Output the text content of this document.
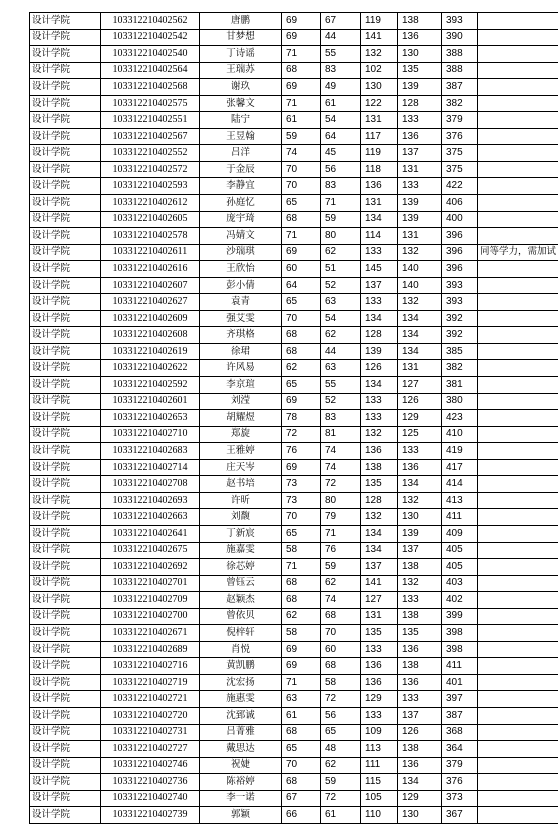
设计学院	103312210402562	唐鹏	69	67	119	138	393	
设计学院	103312210402542	甘梦想	69	44	141	136	390	
设计学院	103312210402540	丁诗谣	71	55	132	130	388	
设计学院	103312210402564	王瑞苏	68	83	102	135	388	
设计学院	103312210402568	谢玖	69	49	130	139	387	
设计学院	103312210402575	张馨文	71	61	122	128	382	
设计学院	103312210402551	陆宁	61	54	131	133	379	
设计学院	103312210402567	王昱翰	59	64	117	136	376	
设计学院	103312210402552	吕洋	74	45	119	137	375	
设计学院	103312210402572	于金辰	70	56	118	131	375	
设计学院	103312210402593	李静宜	70	83	136	133	422	
设计学院	103312210402612	孙庭忆	65	71	131	139	406	
设计学院	103312210402605	庞宇琦	68	59	134	139	400	
设计学院	103312210402578	冯婧文	71	80	114	131	396	
设计学院	103312210402611	沙瑞琪	69	62	133	132	396	同等学力，需加试
设计学院	103312210402616	王欣怡	60	51	145	140	396	
设计学院	103312210402607	彭小倩	64	52	137	140	393	
设计学院	103312210402627	袁青	65	63	133	132	393	
设计学院	103312210402609	强艾雯	70	54	134	134	392	
设计学院	103312210402608	齐琪格	68	62	128	134	392	
设计学院	103312210402619	徐珺	68	44	139	134	385	
设计学院	103312210402622	许风易	62	63	126	131	382	
设计学院	103312210402592	李京瑄	65	55	134	127	381	
设计学院	103312210402601	刘滢	69	52	133	126	380	
设计学院	103312210402653	胡耀煜	78	83	133	129	423	
设计学院	103312210402710	郑旋	72	81	132	125	410	
设计学院	103312210402683	王雅婷	76	74	136	133	419	
设计学院	103312210402714	庄天岑	69	74	138	136	417	
设计学院	103312210402708	赵书培	73	72	135	134	414	
设计学院	103312210402693	许昕	73	80	128	132	413	
设计学院	103312210402663	刘馥	70	79	132	130	411	
设计学院	103312210402641	丁新宸	65	71	134	139	409	
设计学院	103312210402675	施嘉雯	58	76	134	137	405	
设计学院	103312210402692	徐芯婷	71	59	137	138	405	
设计学院	103312210402701	曾钰云	68	62	141	132	403	
设计学院	103312210402709	赵颖杰	68	74	127	133	402	
设计学院	103312210402700	曾依贝	62	68	131	138	399	
设计学院	103312210402671	倪梓轩	58	70	135	135	398	
设计学院	103312210402689	肖悦	69	60	133	136	398	
设计学院	103312210402716	黄凯鹏	69	68	136	138	411	
设计学院	103312210402719	沈宏扬	71	58	136	136	401	
设计学院	103312210402721	施惠雯	63	72	129	133	397	
设计学院	103312210402720	沈郅诚	61	56	133	137	387	
设计学院	103312210402731	吕菁雅	68	65	109	126	368	
设计学院	103312210402727	戴思达	65	48	113	138	364	
设计学院	103312210402746	祝婕	70	62	111	136	379	
设计学院	103312210402736	陈裕婷	68	59	115	134	376	
设计学院	103312210402740	李一诺	67	72	105	129	373	
设计学院	103312210402739	郭颖	66	61	110	130	367	
